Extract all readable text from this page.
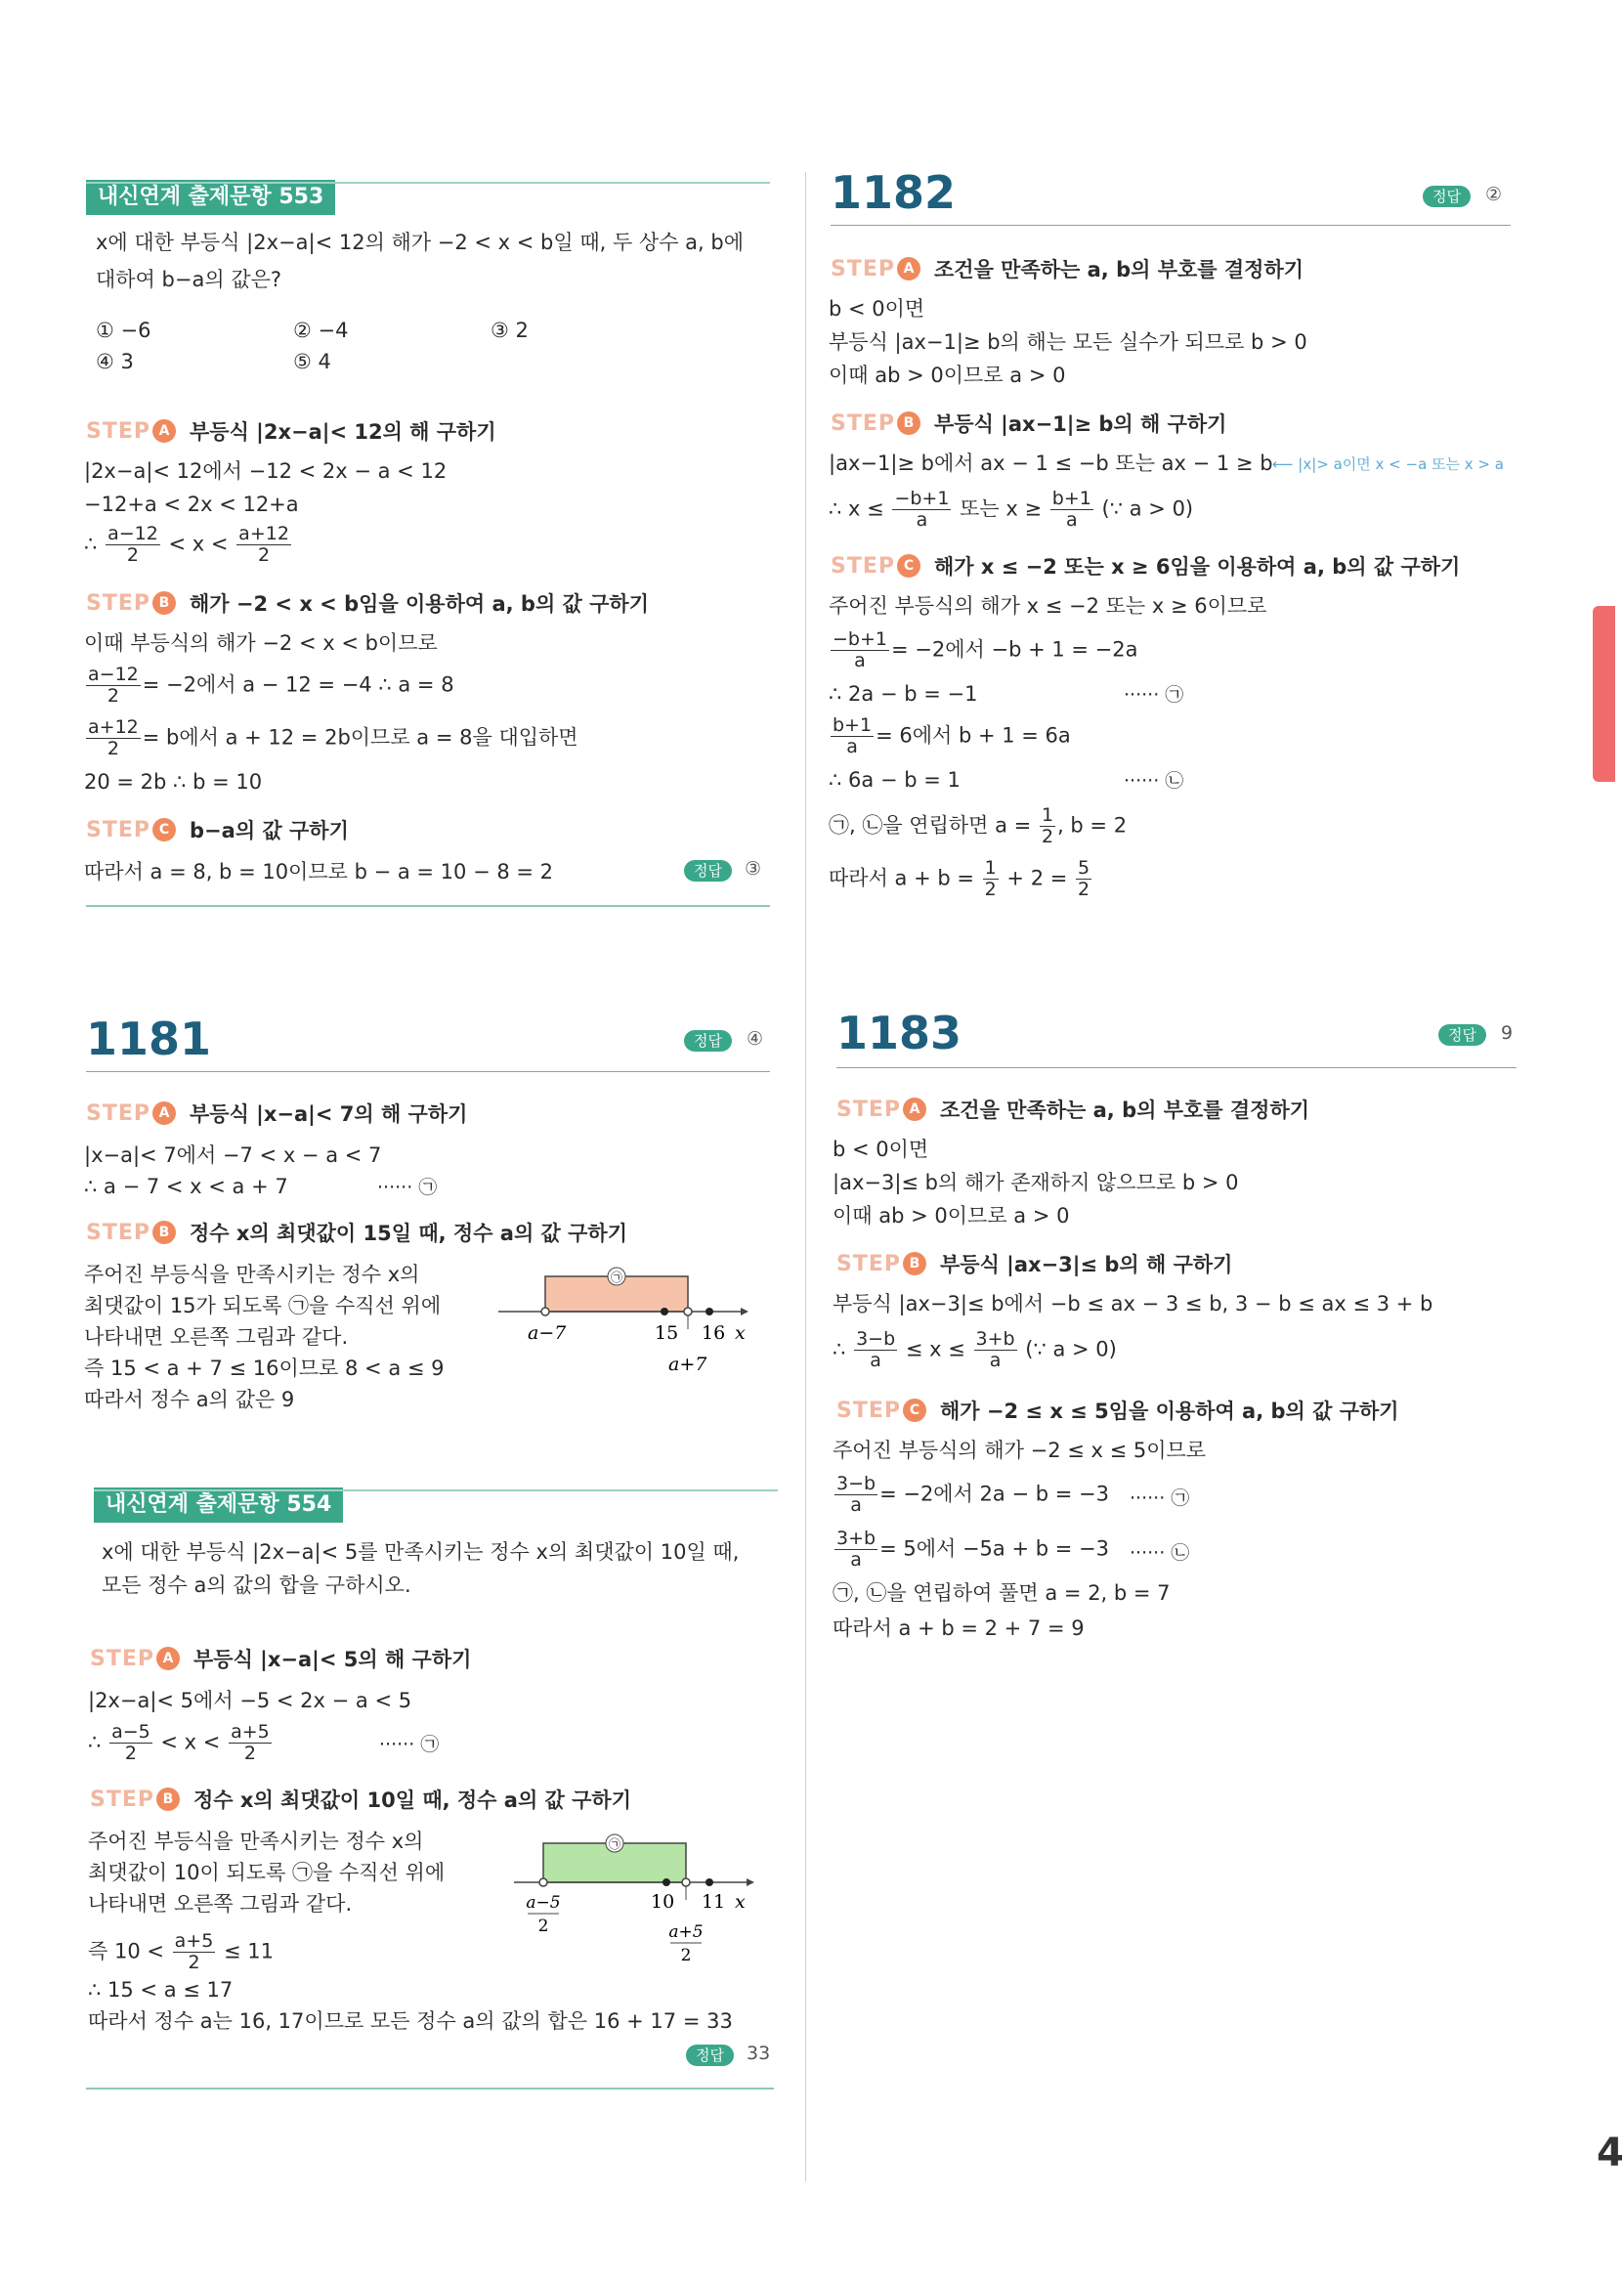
내신연계 출제문항 553
x에 대한 부등식 |2x−a|< 12의 해가 −2 < x < b일 때, 두 상수 a, b에
대하여 b−a의 값은?
① −6	② −4	③ 2
④ 3	⑤ 4
STEP A 부등식 |2x−a|< 12의 해 구하기
|2x−a|< 12에서 −12 < 2x − a < 12
−12+a < 2x < 12+a
∴ $\frac{a-12}{2} < x < \frac{a+12}{2}$
STEP B 해가 −2 < x < b임을 이용하여 a, b의 값 구하기
이때 부등식의 해가 −2 < x < b이므로
$\frac{a-12}{2} = -2$에서 a − 12 = −4 ∴ a = 8
$\frac{a+12}{2} = b$에서 a + 12 = 2b이므로 a = 8을 대입하면
20 = 2b ∴ b = 10
STEP C b−a의 값 구하기
따라서 a = 8, b = 10이므로 b − a = 10 − 8 = 2	정답	③
1181	정답	④
STEP A 부등식 |x−a|< 7의 해 구하기
|x−a|< 7에서 −7 < x − a < 7
∴ a − 7 < x < a + 7	······ ㉠
STEP B 정수 x의 최댓값이 15일 때, 정수 a의 값 구하기
주어진 부등식을 만족시키는 정수 x의
최댓값이 15가 되도록 ㉠을 수직선 위에
나타내면 오른쪽 그림과 같다.
즉 15 < a + 7 ≤ 16이므로 8 < a ≤ 9
따라서 정수 a의 값은 9
㉠
a−7	15 16 x
a+7
내신연계 출제문항 554
x에 대한 부등식 |2x−a|< 5를 만족시키는 정수 x의 최댓값이 10일 때,
모든 정수 a의 값의 합을 구하시오.
STEP A 부등식 |x−a|< 5의 해 구하기
|2x−a|< 5에서 −5 < 2x − a < 5
∴ $\frac{a-5}{2} < x < \frac{a+5}{2}$	······ ㉠
STEP B 정수 x의 최댓값이 10일 때, 정수 a의 값 구하기
주어진 부등식을 만족시키는 정수 x의
최댓값이 10이 되도록 ㉠을 수직선 위에
나타내면 오른쪽 그림과 같다.
즉 $10 < \frac{a+5}{2} \le 11$
∴ 15 < a ≤ 17
따라서 정수 a는 16, 17이므로 모든 정수 a의 값의 합은 16 + 17 = 33
㉠
a−5
2
10 11 x
a+5
2
정답	33
1182	정답	②
STEP A 조건을 만족하는 a, b의 부호를 결정하기
b < 0이면
부등식 |ax−1|≥ b의 해는 모든 실수가 되므로 b > 0
이때 ab > 0이므로 a > 0
STEP B 부등식 |ax−1|≥ b의 해 구하기
|ax−1|≥ b에서 ax − 1 ≤ −b 또는 ax − 1 ≥ b ⟵ |x|> a이면 x < −a 또는 x > a
∴ $x \le \frac{-b+1}{a}$ 또는 $x \ge \frac{b+1}{a}$ (∵ a > 0)
STEP C 해가 x ≤ −2 또는 x ≥ 6임을 이용하여 a, b의 값 구하기
주어진 부등식의 해가 x ≤ −2 또는 x ≥ 6이므로
$\frac{-b+1}{a} = -2$에서 −b + 1 = −2a
∴ 2a − b = −1	······ ㉠
$\frac{b+1}{a} = 6$에서 b + 1 = 6a
∴ 6a − b = 1	······ ㉡
㉠, ㉡을 연립하면 $a = \frac{1}{2}$ , b = 2
따라서 $a + b = \frac{1}{2} + 2 = \frac{5}{2}$
1183	정답	9
STEP A 조건을 만족하는 a, b의 부호를 결정하기
b < 0이면
|ax−3|≤ b의 해가 존재하지 않으므로 b > 0
이때 ab > 0이므로 a > 0
STEP B 부등식 |ax−3|≤ b의 해 구하기
부등식 |ax−3|≤ b에서 −b ≤ ax − 3 ≤ b, 3 − b ≤ ax ≤ 3 + b
∴ $\frac{3-b}{a} \le x \le \frac{3+b}{a}$ (∵ a > 0)
STEP C 해가 −2 ≤ x ≤ 5임을 이용하여 a, b의 값 구하기
주어진 부등식의 해가 −2 ≤ x ≤ 5이므로
$\frac{3-b}{a} = -2$에서 2a − b = −3 ······ ㉠
$\frac{3+b}{a} = 5$에서 −5a + b = −3 ······ ㉡
㉠, ㉡을 연립하여 풀면 a = 2, b = 7
따라서 a + b = 2 + 7 = 9
4
